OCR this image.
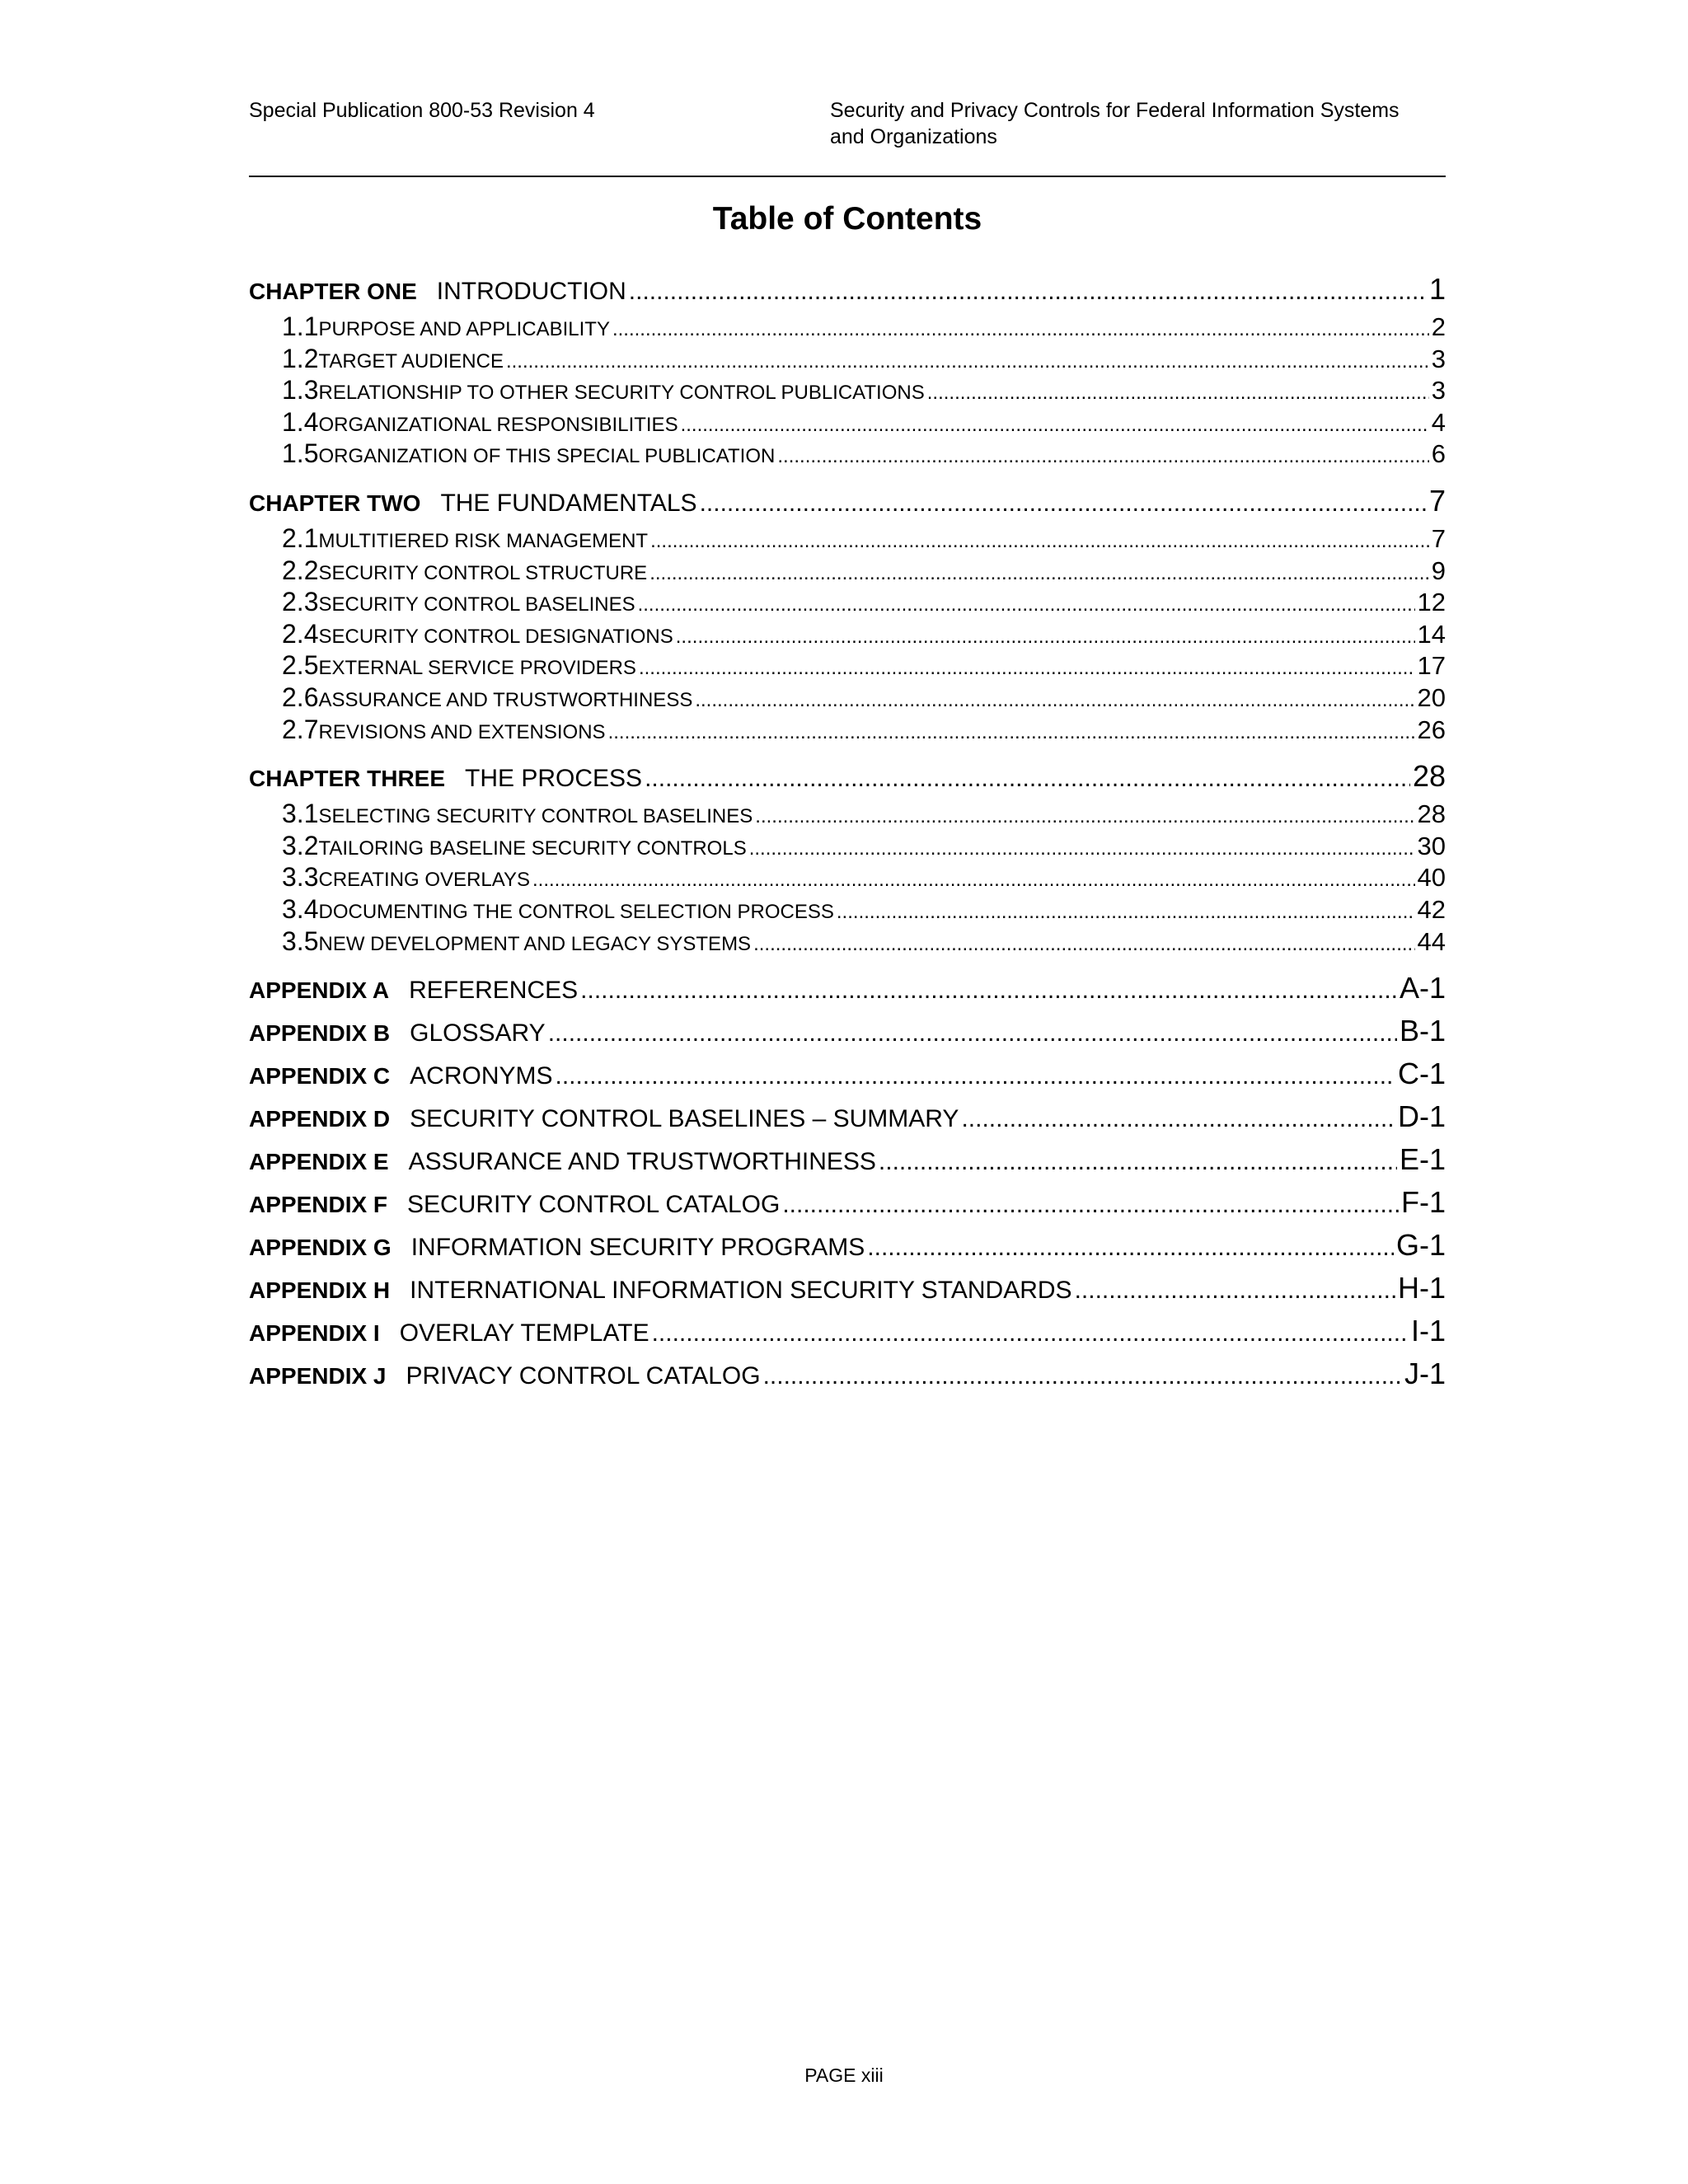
Special Publication 800-53 Revision 4	Security and Privacy Controls for Federal Information Systems
and Organizations
Table of Contents
CHAPTER ONE INTRODUCTION .....	1
1.1 PURPOSE AND APPLICABILITY .....	2
1.2 TARGET AUDIENCE .....	3
1.3 RELATIONSHIP TO OTHER SECURITY CONTROL PUBLICATIONS .....	3
1.4 ORGANIZATIONAL RESPONSIBILITIES .....	4
1.5 ORGANIZATION OF THIS SPECIAL PUBLICATION .....	6
CHAPTER TWO THE FUNDAMENTALS .....	7
2.1 MULTITIERED RISK MANAGEMENT .....	7
2.2 SECURITY CONTROL STRUCTURE .....	9
2.3 SECURITY CONTROL BASELINES .....	12
2.4 SECURITY CONTROL DESIGNATIONS .....	14
2.5 EXTERNAL SERVICE PROVIDERS .....	17
2.6 ASSURANCE AND TRUSTWORTHINESS .....	20
2.7 REVISIONS AND EXTENSIONS .....	26
CHAPTER THREE THE PROCESS .....	28
3.1 SELECTING SECURITY CONTROL BASELINES .....	28
3.2 TAILORING BASELINE SECURITY CONTROLS .....	30
3.3 CREATING OVERLAYS .....	40
3.4 DOCUMENTING THE CONTROL SELECTION PROCESS .....	42
3.5 NEW DEVELOPMENT AND LEGACY SYSTEMS .....	44
APPENDIX A REFERENCES .....	A-1
APPENDIX B GLOSSARY .....	B-1
APPENDIX C ACRONYMS .....	C-1
APPENDIX D SECURITY CONTROL BASELINES – SUMMARY .....	D-1
APPENDIX E ASSURANCE AND TRUSTWORTHINESS .....	E-1
APPENDIX F SECURITY CONTROL CATALOG .....	F-1
APPENDIX G INFORMATION SECURITY PROGRAMS .....	G-1
APPENDIX H INTERNATIONAL INFORMATION SECURITY STANDARDS .....	H-1
APPENDIX I OVERLAY TEMPLATE .....	I-1
APPENDIX J PRIVACY CONTROL CATALOG .....	J-1
PAGE xiii
